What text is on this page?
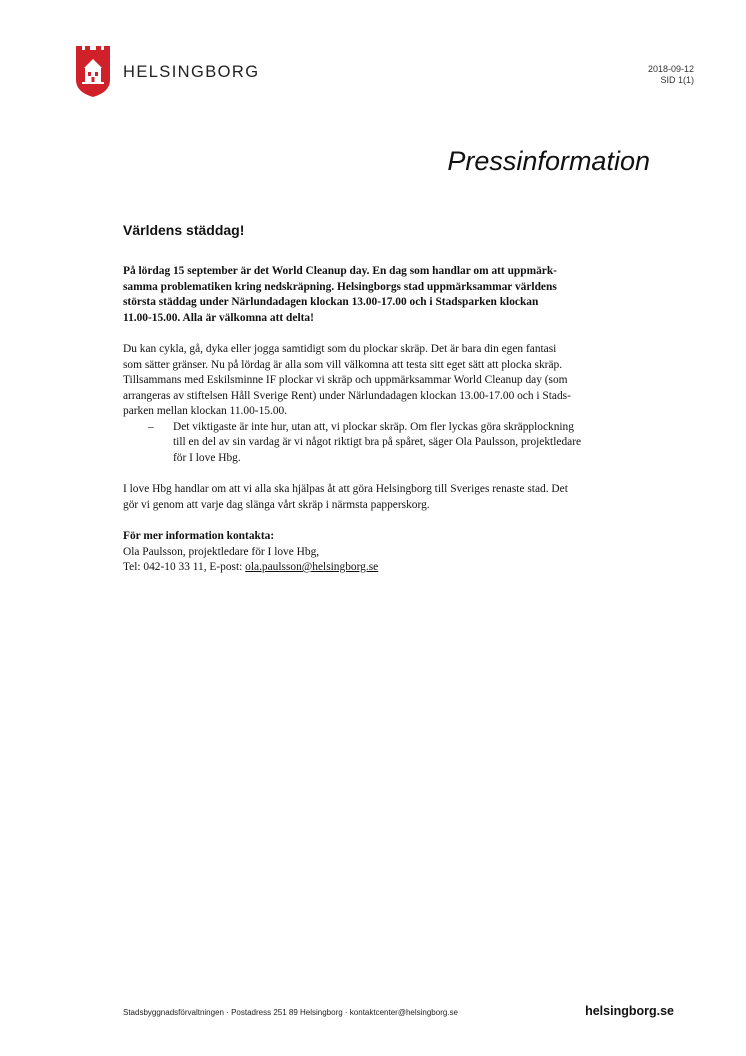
HELSINGBORG	2018-09-12
SID 1(1)
Pressinformation
Världens städdag!

På lördag 15 september är det World Cleanup day. En dag som handlar om att uppmärk-
samma problematiken kring nedskräpning. Helsingborgs stad uppmärksammar världens
största städdag under Närlundadagen klockan 13.00-17.00 och i Stadsparken klockan
11.00-15.00. Alla är välkomna att delta!

Du kan cykla, gå, dyka eller jogga samtidigt som du plockar skräp. Det är bara din egen fantasi
som sätter gränser. Nu på lördag är alla som vill välkomna att testa sitt eget sätt att plocka skräp.
Tillsammans med Eskilsminne IF plockar vi skräp och uppmärksammar World Cleanup day (som
arrangeras av stiftelsen Håll Sverige Rent) under Närlundadagen klockan 13.00-17.00 och i Stads-
parken mellan klockan 11.00-15.00.

– Det viktigaste är inte hur, utan att, vi plockar skräp. Om fler lyckas göra skräpplockning
till en del av sin vardag är vi något riktigt bra på spåret, säger Ola Paulsson, projektledare
för I love Hbg.

I love Hbg handlar om att vi alla ska hjälpas åt att göra Helsingborg till Sveriges renaste stad. Det
gör vi genom att varje dag slänga vårt skräp i närmsta papperskorg.

För mer information kontakta:
Ola Paulsson, projektledare för I love Hbg,
Tel: 042-10 33 11, E-post: ola.paulsson@helsingborg.se
Stadsbyggnadsförvaltningen · Postadress 251 89 Helsingborg · kontaktcenter@helsingborg.se	helsingborg.se
